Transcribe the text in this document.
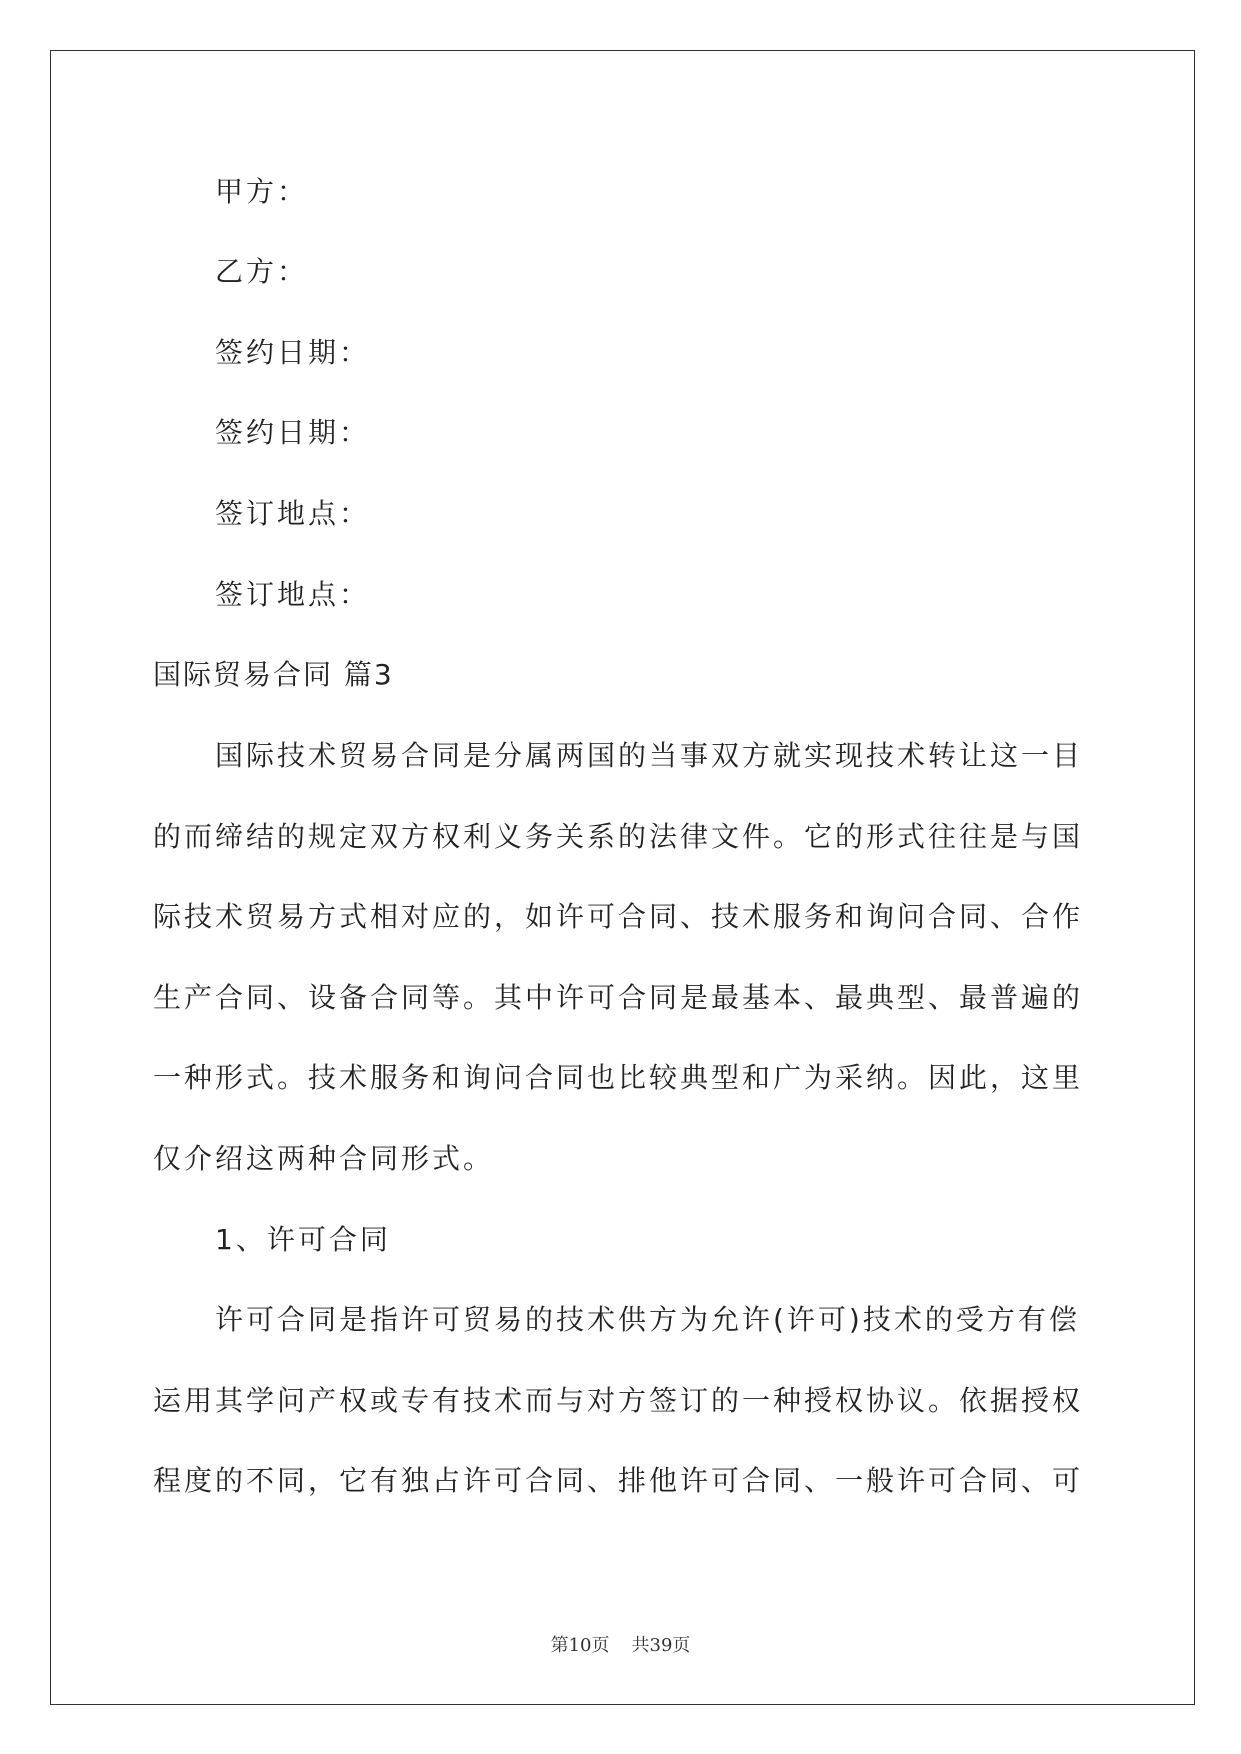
甲方：

乙方：

签约日期：

签约日期：

签订地点：

签订地点：

国际贸易合同 篇3

国际技术贸易合同是分属两国的当事双方就实现技术转让这一目

的而缔结的规定双方权利义务关系的法律文件。它的形式往往是与国

际技术贸易方式相对应的，如许可合同、技术服务和询问合同、合作

生产合同、设备合同等。其中许可合同是最基本、最典型、最普遍的

一种形式。技术服务和询问合同也比较典型和广为采纳。因此，这里

仅介绍这两种合同形式。

1、许可合同

许可合同是指许可贸易的技术供方为允许(许可)技术的受方有偿

运用其学问产权或专有技术而与对方签订的一种授权协议。依据授权

程度的不同，它有独占许可合同、排他许可合同、一般许可合同、可

第10页 共39页
